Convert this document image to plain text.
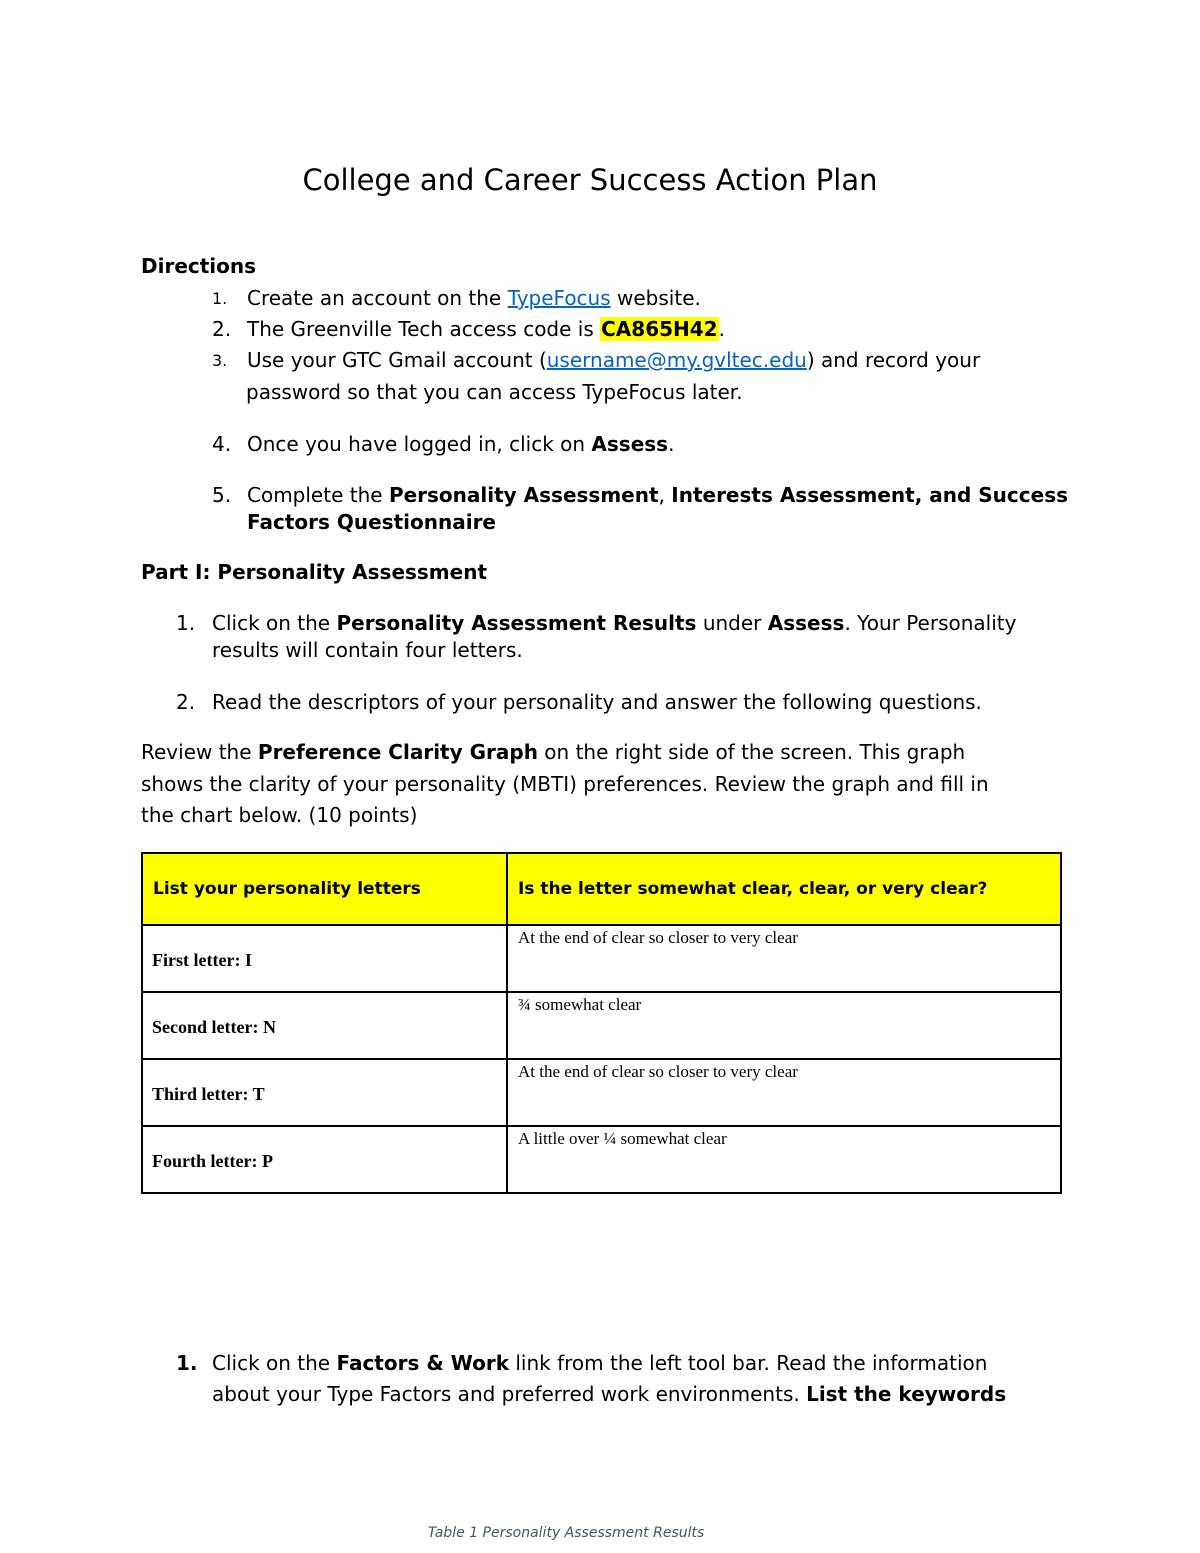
College and Career Success Action Plan
Directions
1. Create an account on the TypeFocus website.
2. The Greenville Tech access code is CA865H42.
3. Use your GTC Gmail account (username@my.gvltec.edu) and record your
password so that you can access TypeFocus later.
4. Once you have logged in, click on Assess.
5. Complete the Personality Assessment, Interests Assessment, and Success
Factors Questionnaire
Part I: Personality Assessment
1. Click on the Personality Assessment Results under Assess. Your Personality
results will contain four letters.
2. Read the descriptors of your personality and answer the following questions.
Review the Preference Clarity Graph on the right side of the screen. This graph
shows the clarity of your personality (MBTI) preferences. Review the graph and fill in
the chart below. (10 points)
List your personality letters	Is the letter somewhat clear, clear, or very clear?

First letter: I	At the end of clear so closer to very clear

Second letter: N	¾ somewhat clear

Third letter: T	At the end of clear so closer to very clear

Fourth letter: P	A little over ¼ somewhat clear
1. Click on the Factors & Work link from the left tool bar. Read the information
about your Type Factors and preferred work environments. List the keywords
Table 1 Personality Assessment Results
